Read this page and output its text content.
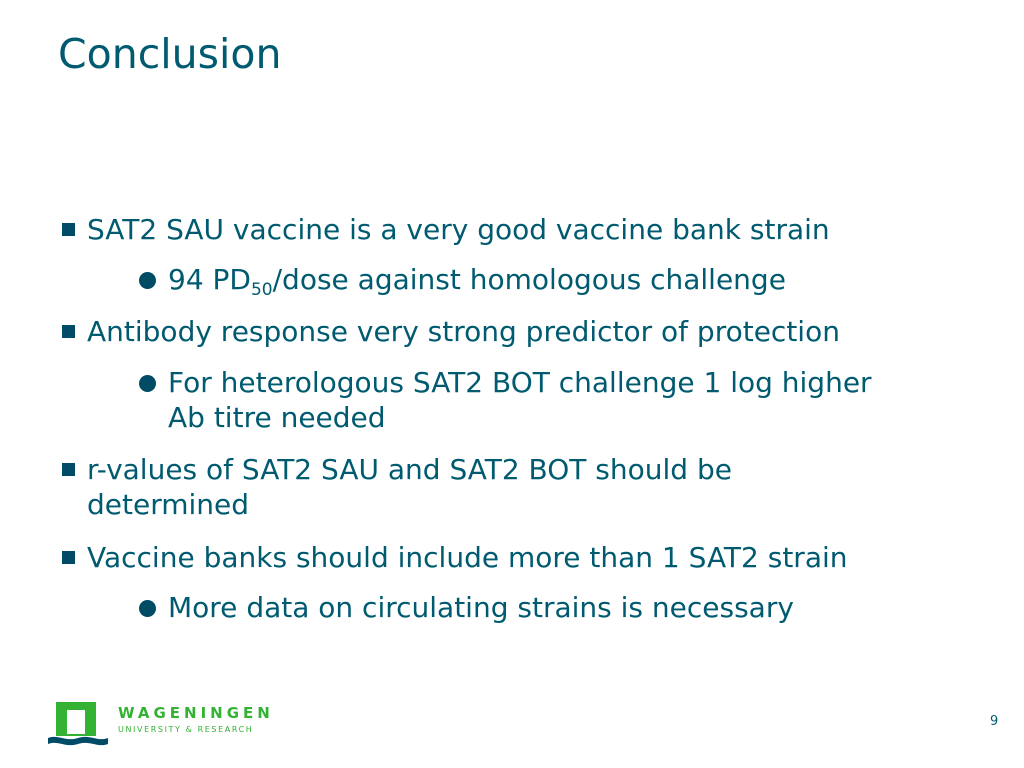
Conclusion
SAT2 SAU vaccine is a very good vaccine bank strain
94 $PD_{50}$/dose against homologous challenge
Antibody response very strong predictor of protection
For heterologous SAT2 BOT challenge 1 log higher
Ab titre needed
r-values of SAT2 SAU and SAT2 BOT should be
determined
Vaccine banks should include more than 1 SAT2 strain
More data on circulating strains is necessary
WAGENINGEN
UNIVERSITY & RESEARCH
9
